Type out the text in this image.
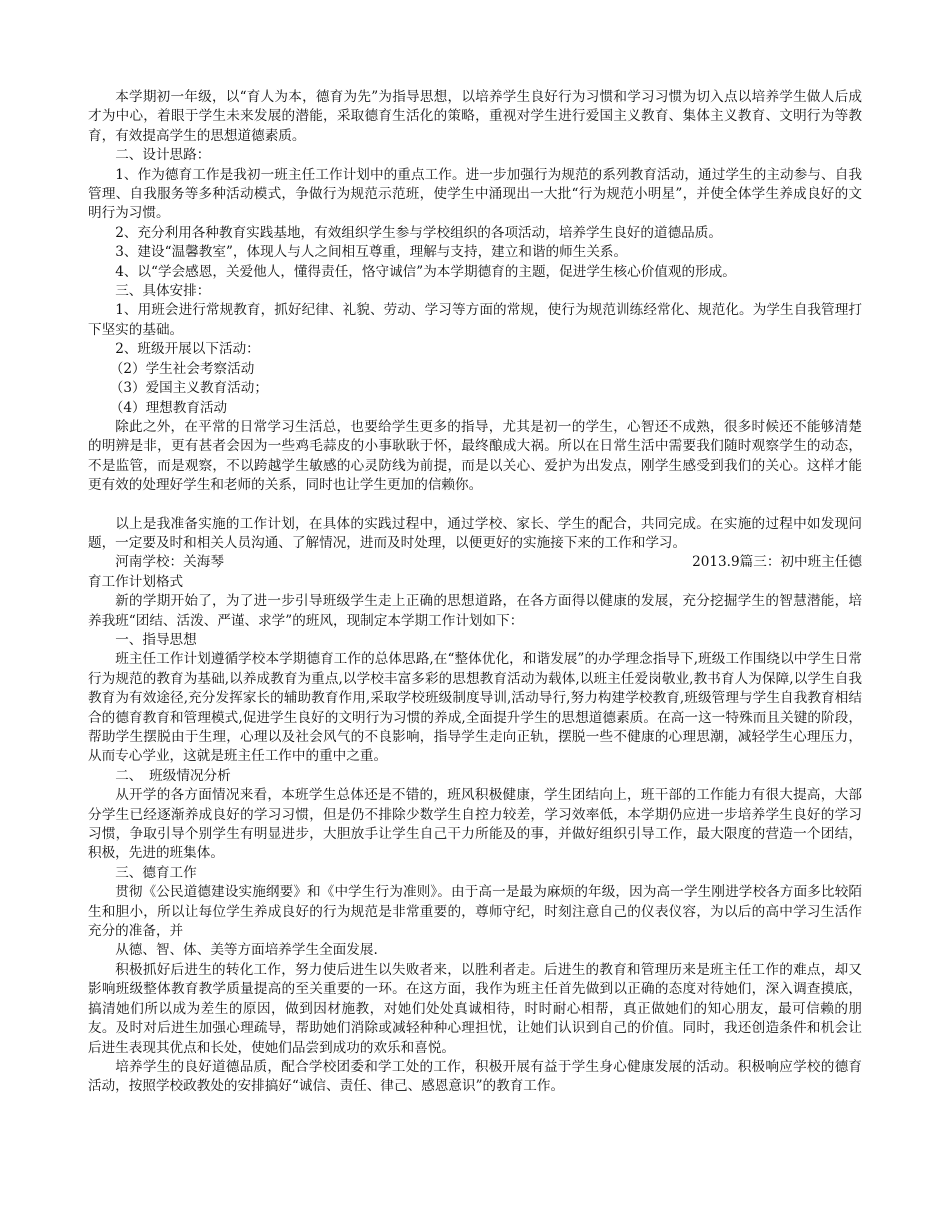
本学期初一年级，以“育人为本，德育为先”为指导思想，以培养学生良好行为习惯和学习习惯为切入点以培养学生做人后成才为中心，着眼于学生未来发展的潜能，采取德育生活化的策略，重视对学生进行爱国主义教育、集体主义教育、文明行为等教育，有效提高学生的思想道德素质。

二、设计思路：

1、作为德育工作是我初一班主任工作计划中的重点工作。进一步加强行为规范的系列教育活动，通过学生的主动参与、自我管理、自我服务等多种活动模式，争做行为规范示范班，使学生中涌现出一大批“行为规范小明星”，并使全体学生养成良好的文明行为习惯。

2、充分利用各种教育实践基地，有效组织学生参与学校组织的各项活动，培养学生良好的道德品质。

3、建设“温馨教室”，体现人与人之间相互尊重，理解与支持，建立和谐的师生关系。

4、以“学会感恩，关爱他人，懂得责任，恪守诚信”为本学期德育的主题，促进学生核心价值观的形成。

三、具体安排：

1、用班会进行常规教育，抓好纪律、礼貌、劳动、学习等方面的常规，使行为规范训练经常化、规范化。为学生自我管理打下坚实的基础。

2、班级开展以下活动：

（2）学生社会考察活动

（3）爱国主义教育活动；

（4）理想教育活动

除此之外，在平常的日常学习生活总，也要给学生更多的指导，尤其是初一的学生，心智还不成熟，很多时候还不能够清楚的明辨是非，更有甚者会因为一些鸡毛蒜皮的小事耿耿于怀，最终酿成大祸。所以在日常生活中需要我们随时观察学生的动态，不是监管，而是观察，不以跨越学生敏感的心灵防线为前提，而是以关心、爱护为出发点，刚学生感受到我们的关心。这样才能更有效的处理好学生和老师的关系，同时也让学生更加的信赖你。

以上是我准备实施的工作计划，在具体的实践过程中，通过学校、家长、学生的配合，共同完成。在实施的过程中如发现问题，一定要及时和相关人员沟通、了解情况，进而及时处理，以便更好的实施接下来的工作和学习。

河南学校：关海琴	2013.9篇三：初中班主任德
育工作计划格式

新的学期开始了，为了进一步引导班级学生走上正确的思想道路，在各方面得以健康的发展，充分挖掘学生的智慧潜能，培养我班“团结、活泼、严谨、求学”的班风，现制定本学期工作计划如下：

一、指导思想

班主任工作计划遵循学校本学期德育工作的总体思路,在“整体优化，和谐发展”的办学理念指导下,班级工作围绕以中学生日常行为规范的教育为基础,以养成教育为重点,以学校丰富多彩的思想教育活动为载体,以班主任爱岗敬业,教书育人为保障,以学生自我教育为有效途径,充分发挥家长的辅助教育作用,采取学校班级制度导训,活动导行,努力构建学校教育,班级管理与学生自我教育相结合的德育教育和管理模式,促进学生良好的文明行为习惯的养成,全面提升学生的思想道德素质。在高一这一特殊而且关键的阶段，帮助学生摆脱由于生理，心理以及社会风气的不良影响，指导学生走向正轨，摆脱一些不健康的心理思潮，减轻学生心理压力，从而专心学业，这就是班主任工作中的重中之重。

二、　班级情况分析

从开学的各方面情况来看，本班学生总体还是不错的，班风积极健康，学生团结向上，班干部的工作能力有很大提高，大部分学生已经逐渐养成良好的学习习惯，但是仍不排除少数学生自控力较差，学习效率低，本学期仍应进一步培养学生良好的学习习惯，争取引导个别学生有明显进步，大胆放手让学生自己干力所能及的事，并做好组织引导工作，最大限度的营造一个团结，积极，先进的班集体。

三、德育工作

贯彻《公民道德建设实施纲要》和《中学生行为准则》。由于高一是最为麻烦的年级，因为高一学生刚进学校各方面多比较陌生和胆小，所以让每位学生养成良好的行为规范是非常重要的，尊师守纪，时刻注意自己的仪表仪容，为以后的高中学习生活作充分的准备，并

从德、智、体、美等方面培养学生全面发展.

积极抓好后进生的转化工作，努力使后进生以失败者来，以胜利者走。后进生的教育和管理历来是班主任工作的难点，却又影响班级整体教育教学质量提高的至关重要的一环。在这方面，我作为班主任首先做到以正确的态度对待她们，深入调查摸底，搞清她们所以成为差生的原因，做到因材施教，对她们处处真诚相待，时时耐心相帮，真正做她们的知心朋友，最可信赖的朋友。及时对后进生加强心理疏导，帮助她们消除或减轻种种心理担忧，让她们认识到自己的价值。同时，我还创造条件和机会让后进生表现其优点和长处，使她们品尝到成功的欢乐和喜悦。

培养学生的良好道德品质，配合学校团委和学工处的工作，积极开展有益于学生身心健康发展的活动。积极响应学校的德育活动，按照学校政教处的安排搞好“诚信、责任、律己、感恩意识”的教育工作。
